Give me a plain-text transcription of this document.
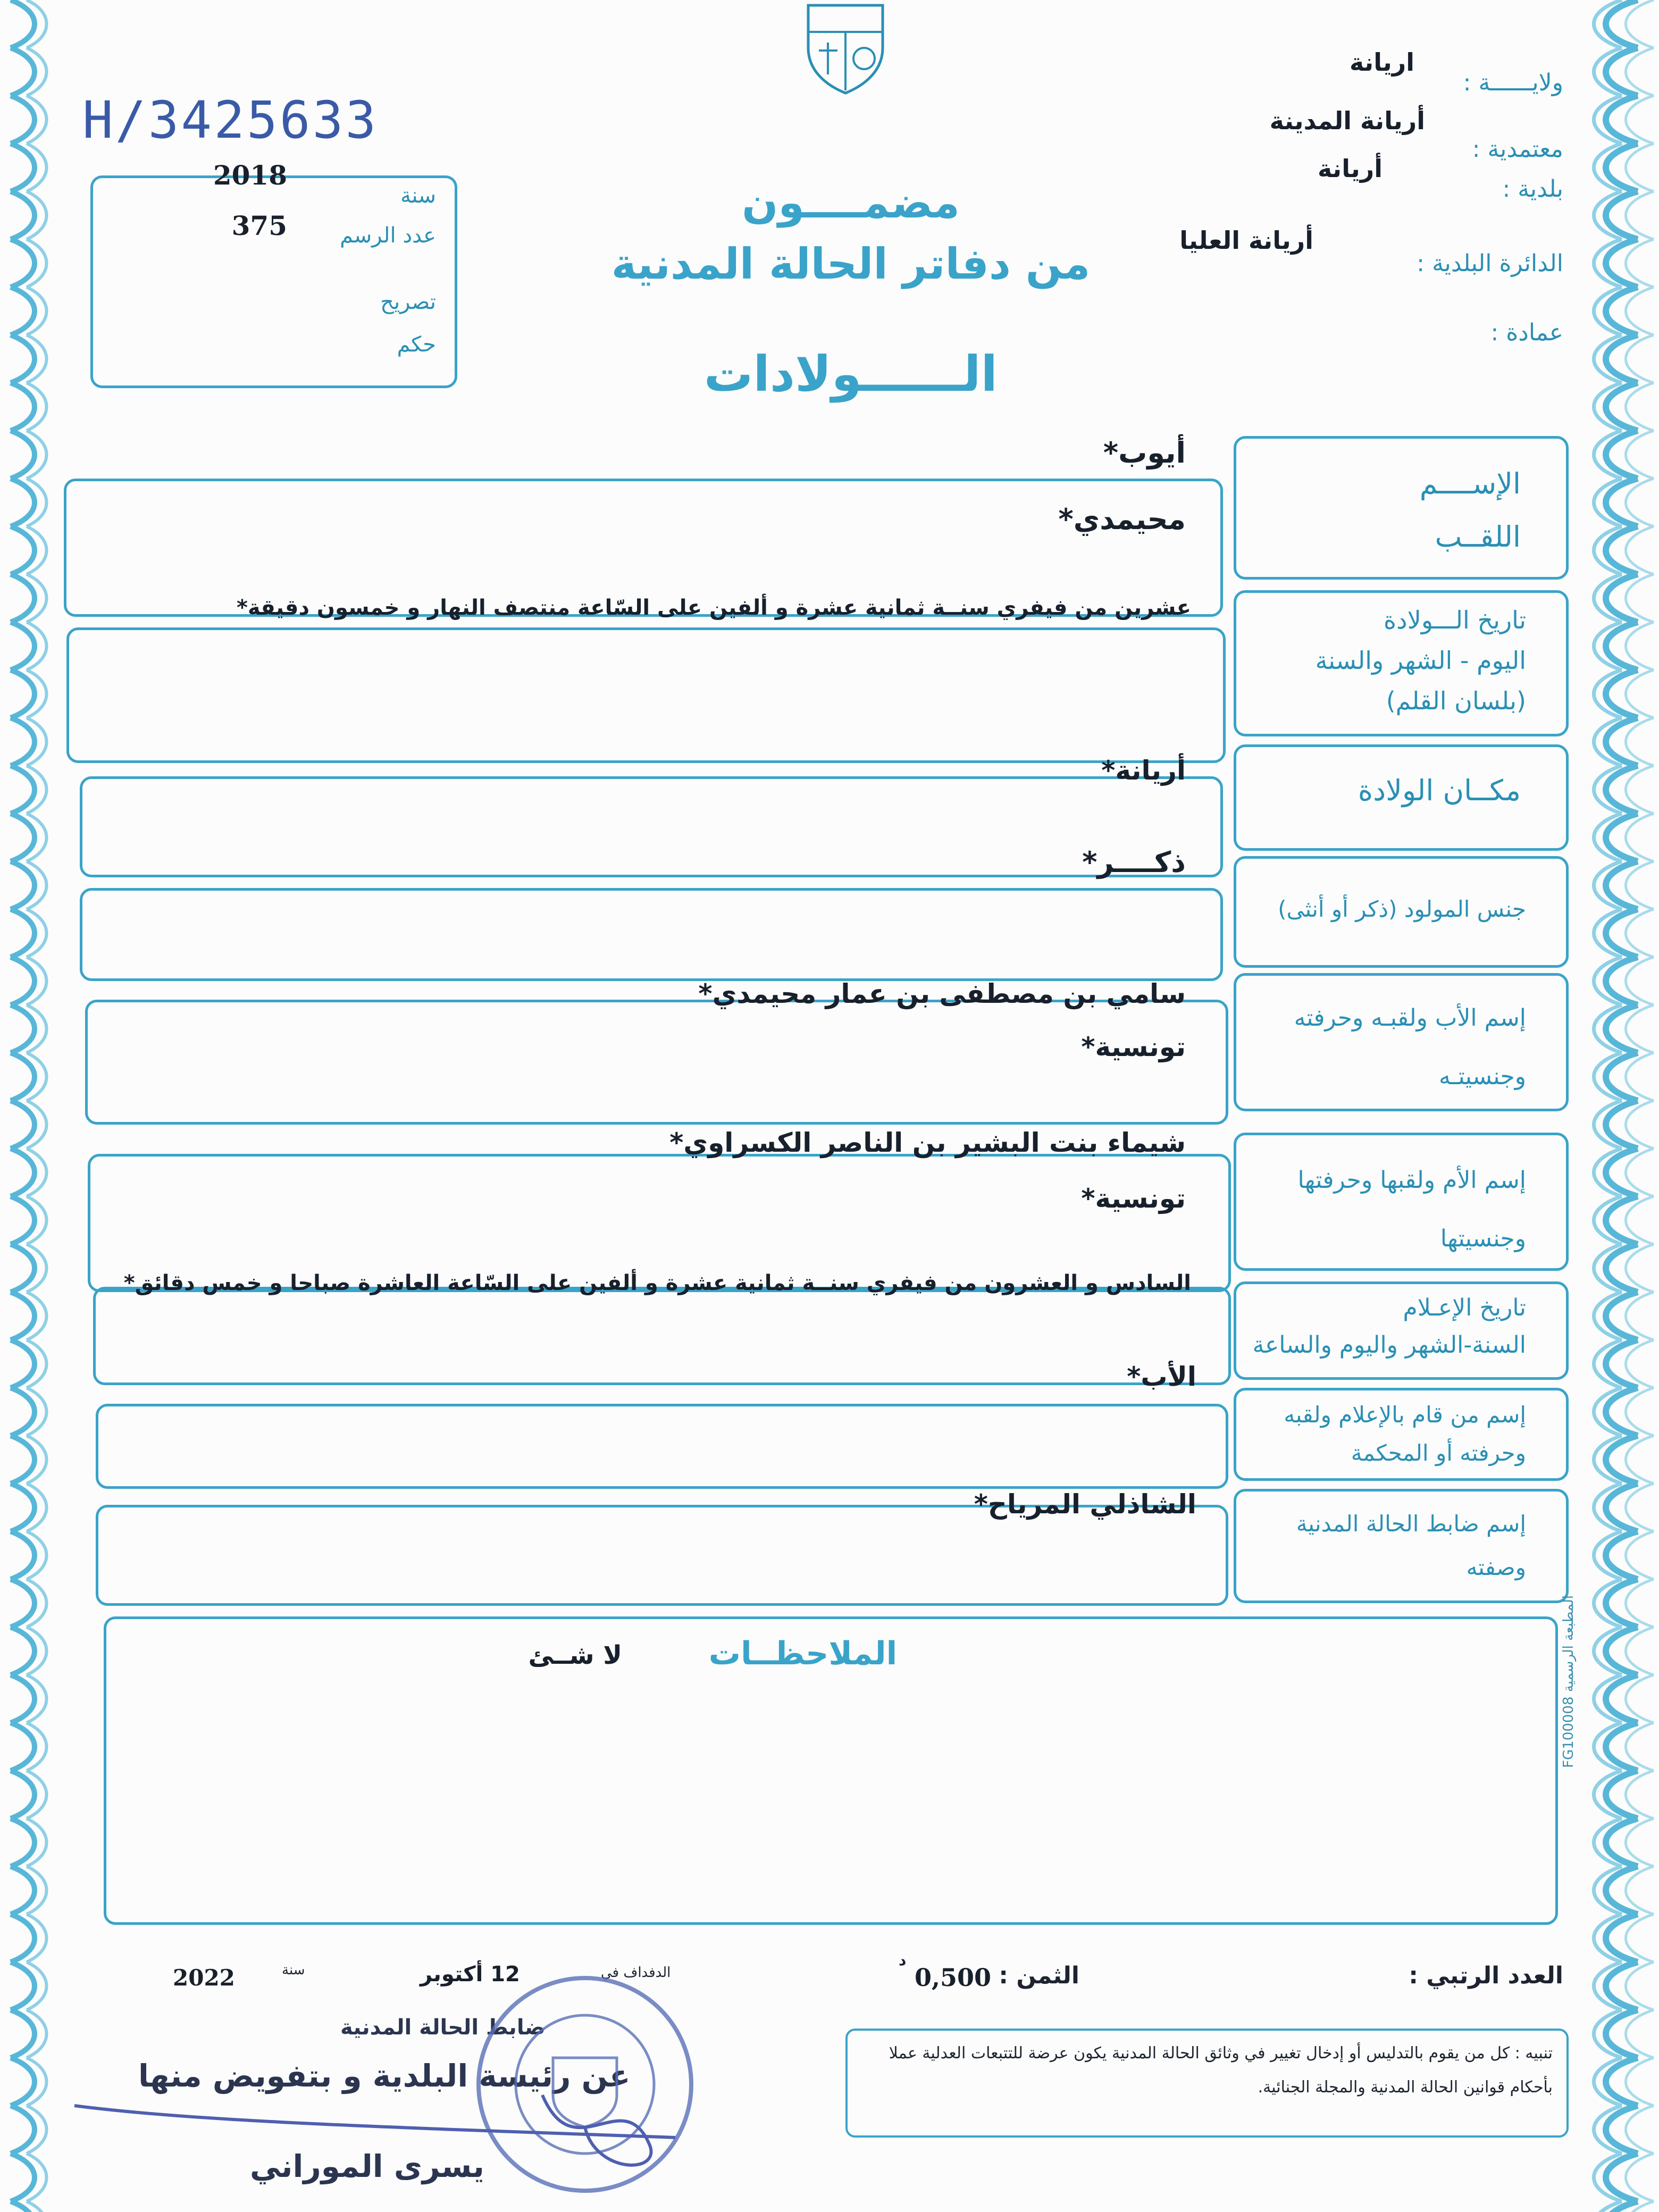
H/3425633
سنة
2018
عدد الرسم
375
تصريح
حكم
ولايــــــة :
اريانة
معتمدية :
أريانة المدينة
بلدية :
أريانة
الدائرة البلدية :
أريانة العليا
عمادة :
مضمــــون
من دفاتر الحالة المدنية
الــــــولادات
الإســــم
اللقــب
أيوب*
محيمدي*
تاريخ الـــولادة
اليوم - الشهر والسنة
(بلسان القلم)
عشرين من فيفري سنــة ثمانية عشرة و ألفين على السّاعة منتصف النهار و خمسون دقيقة*
مكــان الولادة
أريانة*
جنس المولود (ذكر أو أنثى)
ذكــــر*
إسم الأب ولقبـه وحرفته
وجنسيتـه
سامي بن مصطفى بن عمار محيمدي*
تونسية*
إسم الأم ولقبها وحرفتها
وجنسيتها
شيماء بنت البشير بن الناصر الكسراوي*
تونسية*
تاريخ الإعـلام
السنة-الشهر واليوم والساعة
السادس و العشرون من فيفري سنــة ثمانية عشرة و ألفين على السّاعة العاشرة صباحا و خمس دقائق*
إسم من قام بالإعلام ولقبه
وحرفته أو المحكمة
الأب*
إسم ضابط الحالة المدنية
وصفته
الشاذلي المرياح*
الملاحظــات
لا شــئ
المطبعة الرسمية FG100008
العدد الرتبي :
الثمن :
0,500
د
الدفداف في
12 أكتوبر
سنة
2022
ضابط الحالة المدنية
عن رئيسة البلدية و بتفويض منها
يسرى الموراني
تنبيه : كل من يقوم بالتدليس أو إدخال تغيير في وثائق الحالة المدنية يكون عرضة للتتبعات العدلية عملا بأحكام قوانين الحالة المدنية والمجلة الجنائية.
